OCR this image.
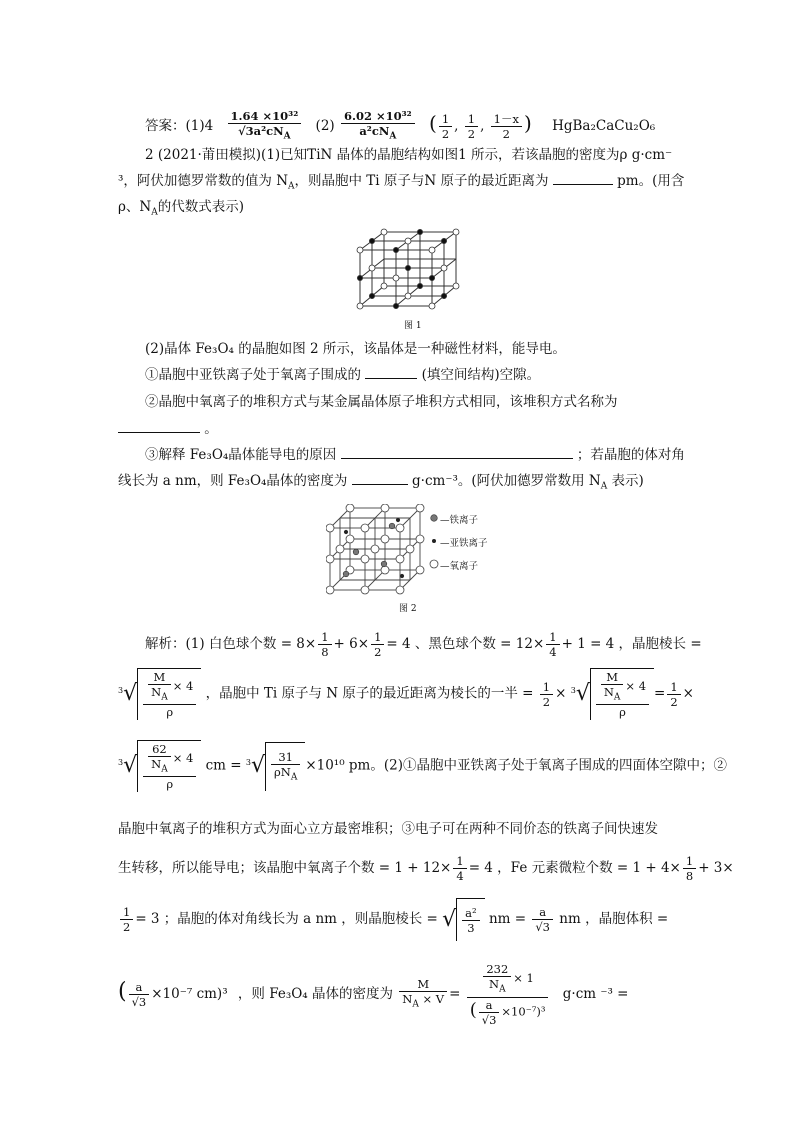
答案：$(1)4 \frac{\text{1.64 ×10³²}}{√3a^2cN_A} (2) \frac{\text{6.02 ×10³²}}{a^2cN_A}$ ( $\frac{1}{2}$ , $\frac{1}{2}$ , $\frac{1-x}{2}$ ) HgBa₂CaCu₂O₆
2 (2021·莆田模拟)(1)已知TiN 晶体的晶胞结构如图1 所示，若该晶胞的密度为ρ g·cm⁻
³，阿伏加德罗常数的值为 $N_A$，则晶胞中 Ti 原子与N 原子的最近距离为	pm。(用含
ρ、$N_A$的代数式表示)
图 1
(2)晶体 Fe₃O₄ 的晶胞如图 2 所示，该晶体是一种磁性材料，能导电。
①晶胞中亚铁离子处于氧离子围成的	(填空间结构)空隙。
②晶胞中氧离子的堆积方式与某金属晶体原子堆积方式相同，该堆积方式名称为
。
③解释 Fe₃O₄晶体能导电的原因	；若晶胞的体对角
线长为 a nm，则 Fe₃O₄晶体的密度为	g·cm⁻³。(阿伏加德罗常数用 $N_A$ 表示)
—铁离子
—亚铁离子
—氧离子
图 2
解析：(1) 白色球个数 = $8\times \frac{1}{8} + 6\times \frac{1}{2} = 4$ 、黑色球个数 = $12\times \frac{1}{4} + 1 = 4$ ，晶胞棱长 =
$^3√ \frac{\frac{M}{N_A} \times 4}{\rho}$ ，晶胞中 Ti 原子与 N 原子的最近距离为棱长的一半 = $\frac{1}{2} \times ^3√ \frac{\frac{M}{N_A} \times 4}{\rho} = \frac{1}{2}$ ×
$^3√ \frac{\frac{62}{N_A} \times 4}{\rho}$ cm = $^3√ \frac{31}{\rho N_A} \times 10^{10}$ pm。(2)①晶胞中亚铁离子处于氧离子围成的四面体空隙中；②
晶胞中氧离子的堆积方式为面心立方最密堆积；③电子可在两种不同价态的铁离子间快速发
生转移，所以能导电；该晶胞中氧离子个数 = $1 + 12\times \frac{1}{4} = 4$ ，Fe 元素微粒个数 = $1 + 4\times \frac{1}{8} + 3\times$
$\frac{1}{2} = 3$ ；晶胞的体对角线长为 a nm ，则晶胞棱长 = √ $\frac{\text{a²}}{3}$ nm = $\frac{a}{√3}$ nm ，晶胞体积 =
( $\frac{a}{√3} \times 10^{-7}$ cm)³ ，则 Fe₃O₄ 晶体的密度为 $\frac{M}{N_A \times V} = \frac{\frac{232}{N_A} \times 1}{( \frac{a}{√3} \times 10^{-7})^3} g\cdot cm$ ⁻³ =
